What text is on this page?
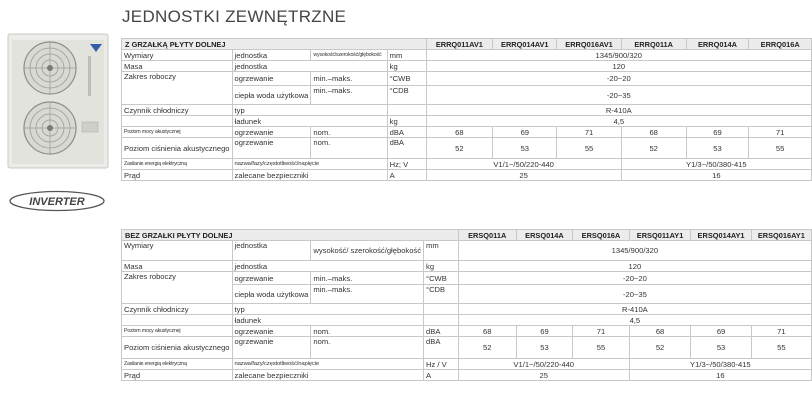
JEDNOSTKI ZEWNĘTRZNE
INVERTER
Z GRZAŁKĄ PŁYTY DOLNEJ				ERRQ011AV1	ERRQ014AV1	ERRQ016AV1	ERRQ011A	ERRQ014A	ERRQ016A
Wymiary	jednostka	wysokość/szerokość/głębokość	mm	1345/900/320					
Masa	jednostka		kg	120					
Zakres roboczy	ogrzewanie	min.–maks.	°CWB	-20~20					
	ciepła woda użytkowa	min.–maks.	°CDB	-20~35					
Czynnik chłodniczy	typ			R-410A					
	ładunek		kg	4,5					
Poziom mocy akustycznej	ogrzewanie	nom.	dBA	68	69	71	68	69	71
Poziom ciśnienia akustycznego	ogrzewanie	nom.	dBA	52	53	55	52	53	55
Zasilanie energią elektryczną	nazwa/fazy/częstotliwość/napięcie		Hz; V	V1/1~/50/220-440			Y1/3~/50/380-415		
Prąd	zalecane bezpieczniki		A	25			16		
BEZ GRZAŁKI PŁYTY DOLNEJ				ERSQ011A	ERSQ014A	ERSQ016A	ERSQ011AY1	ERSQ014AY1	ERSQ016AY1
Wymiary	jednostka	wysokość/ szerokość/głębokość	mm	1345/900/320					
Masa	jednostka		kg	120					
Zakres roboczy	ogrzewanie	min.–maks.	°CWB	-20~20					
	ciepła woda użytkowa	min.–maks.	°CDB	-20~35					
Czynnik chłodniczy	typ			R-410A					
	ładunek			4,5					
Poziom mocy akustycznej	ogrzewanie	nom.	dBA	68	69	71	68	69	71
Poziom ciśnienia akustycznego	ogrzewanie	nom.	dBA	52	53	55	52	53	55
Zasilanie energią elektryczną	nazwa/fazy/częstotliwość/napięcie		Hz / V	V1/1~/50/220-440			Y1/3~/50/380-415		
Prąd	zalecane bezpieczniki		A	25			16		
